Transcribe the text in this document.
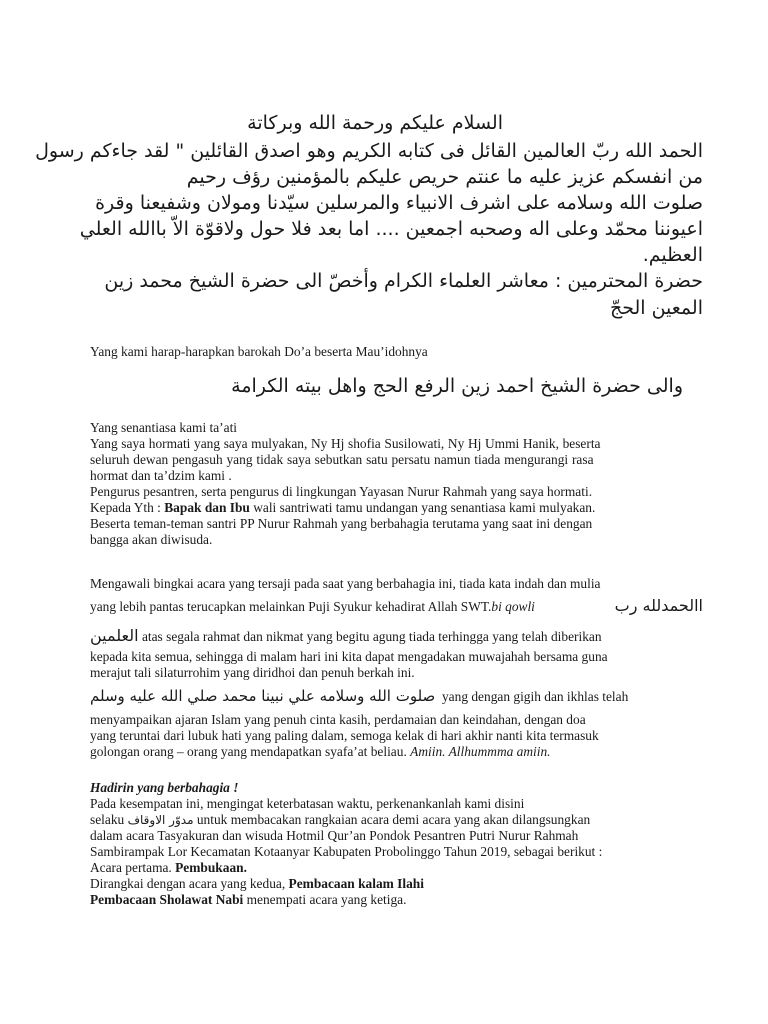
السلام عليكم ورحمة الله وبركاتة
الحمد الله ربّ العالمين القائل فى كتابه الكريم وهو اصدق القائلين " لقد جاءكم رسول
من انفسكم عزيز عليه ما عنتم حريص عليكم بالمؤمنين رؤف رحيم
صلوت الله وسلامه على اشرف الانبياء والمرسلين سيّدنا ومولان وشفيعنا وقرة
اعيوننا محمّد وعلى اله وصحبه اجمعين .... اما بعد فلا حول ولاقوّة الاّ باالله العلي
العظيم.
حضرة المحترمين : معاشر العلماء الكرام وأخصّ الى حضرة الشيخ محمد زين
المعين الحجّ
Yang kami harap-harapkan barokah Do’a beserta Mau’idohnya
والى حضرة الشيخ احمد زين الرفع الحج واهل بيته الكرامة
Yang senantiasa kami ta’ati
Yang saya hormati yang saya mulyakan, Ny Hj shofia Susilowati, Ny Hj Ummi Hanik, beserta
seluruh dewan pengasuh yang tidak saya sebutkan satu persatu namun tiada mengurangi rasa
hormat dan ta’dzim kami .
Pengurus pesantren, serta pengurus di lingkungan Yayasan Nurur Rahmah yang saya hormati.
Kepada Yth : Bapak dan Ibu wali santriwati tamu undangan yang senantiasa kami mulyakan.
Beserta teman-teman santri PP Nurur Rahmah yang berbahagia terutama yang saat ini dengan
bangga akan diwisuda.
Mengawali bingkai acara yang tersaji pada saat yang berbahagia ini, tiada kata indah dan mulia
yang lebih pantas terucapkan melainkan Puji Syukur kehadirat Allah SWT.bi qowli	االحمدلله رب
العلمين atas segala rahmat dan nikmat yang begitu agung tiada terhingga yang telah diberikan
kepada kita semua, sehingga di malam hari ini kita dapat mengadakan muwajahah bersama guna
merajut tali silaturrohim yang diridhoi dan penuh berkah ini.
صلوت الله وسلامه علي نبينا محمد صلي الله عليه وسلم yang dengan gigih dan ikhlas telah
menyampaikan ajaran Islam yang penuh cinta kasih, perdamaian dan keindahan, dengan doa
yang teruntai dari lubuk hati yang paling dalam, semoga kelak di hari akhir nanti kita termasuk
golongan orang – orang yang mendapatkan syafa’at beliau. Amiin. Allhummma amiin.
Hadirin yang berbahagia !
Pada kesempatan ini, mengingat keterbatasan waktu, perkenankanlah kami disini
selaku مدوّر الاوقاف untuk membacakan rangkaian acara demi acara yang akan dilangsungkan
dalam acara Tasyakuran dan wisuda Hotmil Qur’an Pondok Pesantren Putri Nurur Rahmah
Sambirampak Lor Kecamatan Kotaanyar Kabupaten Probolinggo Tahun 2019, sebagai berikut :
Acara pertama. Pembukaan.
Dirangkai dengan acara yang kedua, Pembacaan kalam Ilahi
Pembacaan Sholawat Nabi menempati acara yang ketiga.
